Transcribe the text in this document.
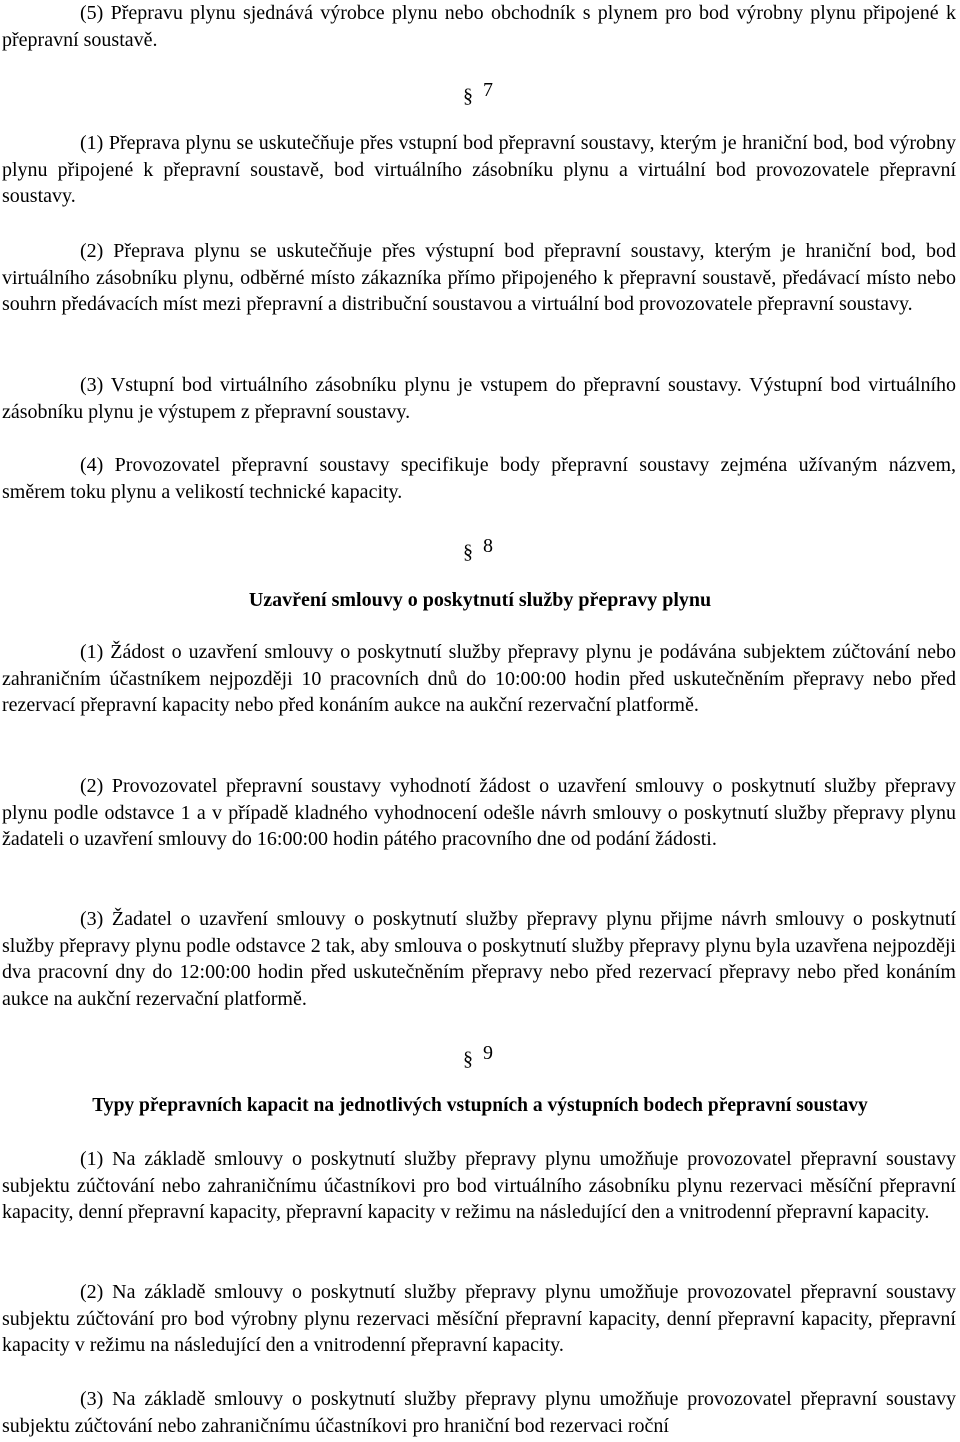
(5) Přepravu plynu sjednává výrobce plynu nebo obchodník s plynem pro bod výrobny plynu připojené k přepravní soustavě.

§ 7

(1) Přeprava plynu se uskutečňuje přes vstupní bod přepravní soustavy, kterým je hraniční bod, bod výrobny plynu připojené k přepravní soustavě, bod virtuálního zásobníku plynu a virtuální bod provozovatele přepravní soustavy.

(2) Přeprava plynu se uskutečňuje přes výstupní bod přepravní soustavy, kterým je hraniční bod, bod virtuálního zásobníku plynu, odběrné místo zákazníka přímo připojeného k přepravní soustavě, předávací místo nebo souhrn předávacích míst mezi přepravní a distribuční soustavou a virtuální bod provozovatele přepravní soustavy.

(3) Vstupní bod virtuálního zásobníku plynu je vstupem do přepravní soustavy. Výstupní bod virtuálního zásobníku plynu je výstupem z přepravní soustavy.

(4) Provozovatel přepravní soustavy specifikuje body přepravní soustavy zejména užívaným názvem, směrem toku plynu a velikostí technické kapacity.

§ 8

Uzavření smlouvy o poskytnutí služby přepravy plynu

(1) Žádost o uzavření smlouvy o poskytnutí služby přepravy plynu je podávána subjektem zúčtování nebo zahraničním účastníkem nejpozději 10 pracovních dnů do 10:00:00 hodin před uskutečněním přepravy nebo před rezervací přepravní kapacity nebo před konáním aukce na aukční rezervační platformě.

(2) Provozovatel přepravní soustavy vyhodnotí žádost o uzavření smlouvy o poskytnutí služby přepravy plynu podle odstavce 1 a v případě kladného vyhodnocení odešle návrh smlouvy o poskytnutí služby přepravy plynu žadateli o uzavření smlouvy do 16:00:00 hodin pátého pracovního dne od podání žádosti.

(3) Žadatel o uzavření smlouvy o poskytnutí služby přepravy plynu přijme návrh smlouvy o poskytnutí služby přepravy plynu podle odstavce 2 tak, aby smlouva o poskytnutí služby přepravy plynu byla uzavřena nejpozději dva pracovní dny do 12:00:00 hodin před uskutečněním přepravy nebo před rezervací přepravy nebo před konáním aukce na aukční rezervační platformě.

§ 9

Typy přepravních kapacit na jednotlivých vstupních a výstupních bodech přepravní soustavy

(1) Na základě smlouvy o poskytnutí služby přepravy plynu umožňuje provozovatel přepravní soustavy subjektu zúčtování nebo zahraničnímu účastníkovi pro bod virtuálního zásobníku plynu rezervaci měsíční přepravní kapacity, denní přepravní kapacity, přepravní kapacity v režimu na následující den a vnitrodenní přepravní kapacity.

(2) Na základě smlouvy o poskytnutí služby přepravy plynu umožňuje provozovatel přepravní soustavy subjektu zúčtování pro bod výrobny plynu rezervaci měsíční přepravní kapacity, denní přepravní kapacity, přepravní kapacity v režimu na následující den a vnitrodenní přepravní kapacity.

(3) Na základě smlouvy o poskytnutí služby přepravy plynu umožňuje provozovatel přepravní soustavy subjektu zúčtování nebo zahraničnímu účastníkovi pro hraniční bod rezervaci roční
